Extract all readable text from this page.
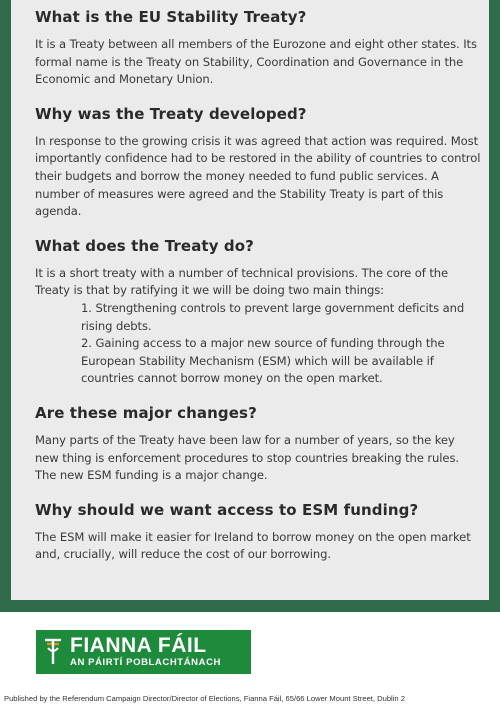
What is the EU Stability Treaty?

It is a Treaty between all members of the Eurozone and eight other states. Its formal name is the Treaty on Stability, Coordination and Governance in the Economic and Monetary Union.

Why was the Treaty developed?

In response to the growing crisis it was agreed that action was required. Most importantly confidence had to be restored in the ability of countries to control their budgets and borrow the money needed to fund public services. A number of measures were agreed and the Stability Treaty is part of this agenda.

What does the Treaty do?

It is a short treaty with a number of technical provisions. The core of the Treaty is that by ratifying it we will be doing two main things:

1. Strengthening controls to prevent large government deficits and rising debts.
2. Gaining access to a major new source of funding through the European Stability Mechanism (ESM) which will be available if countries cannot borrow money on the open market.
Are these major changes?

Many parts of the Treaty have been law for a number of years, so the key new thing is enforcement procedures to stop countries breaking the rules. The new ESM funding is a major change.

Why should we want access to ESM funding?

The ESM will make it easier for Ireland to borrow money on the open market and, crucially, will reduce the cost of our borrowing.

FIANNA FÁIL
AN PÁIRTÍ POBLACHTÁNACH
Published by the Referendum Campaign Director/Director of Elections, Fianna Fáil, 65/66 Lower Mount Street, Dublin 2
